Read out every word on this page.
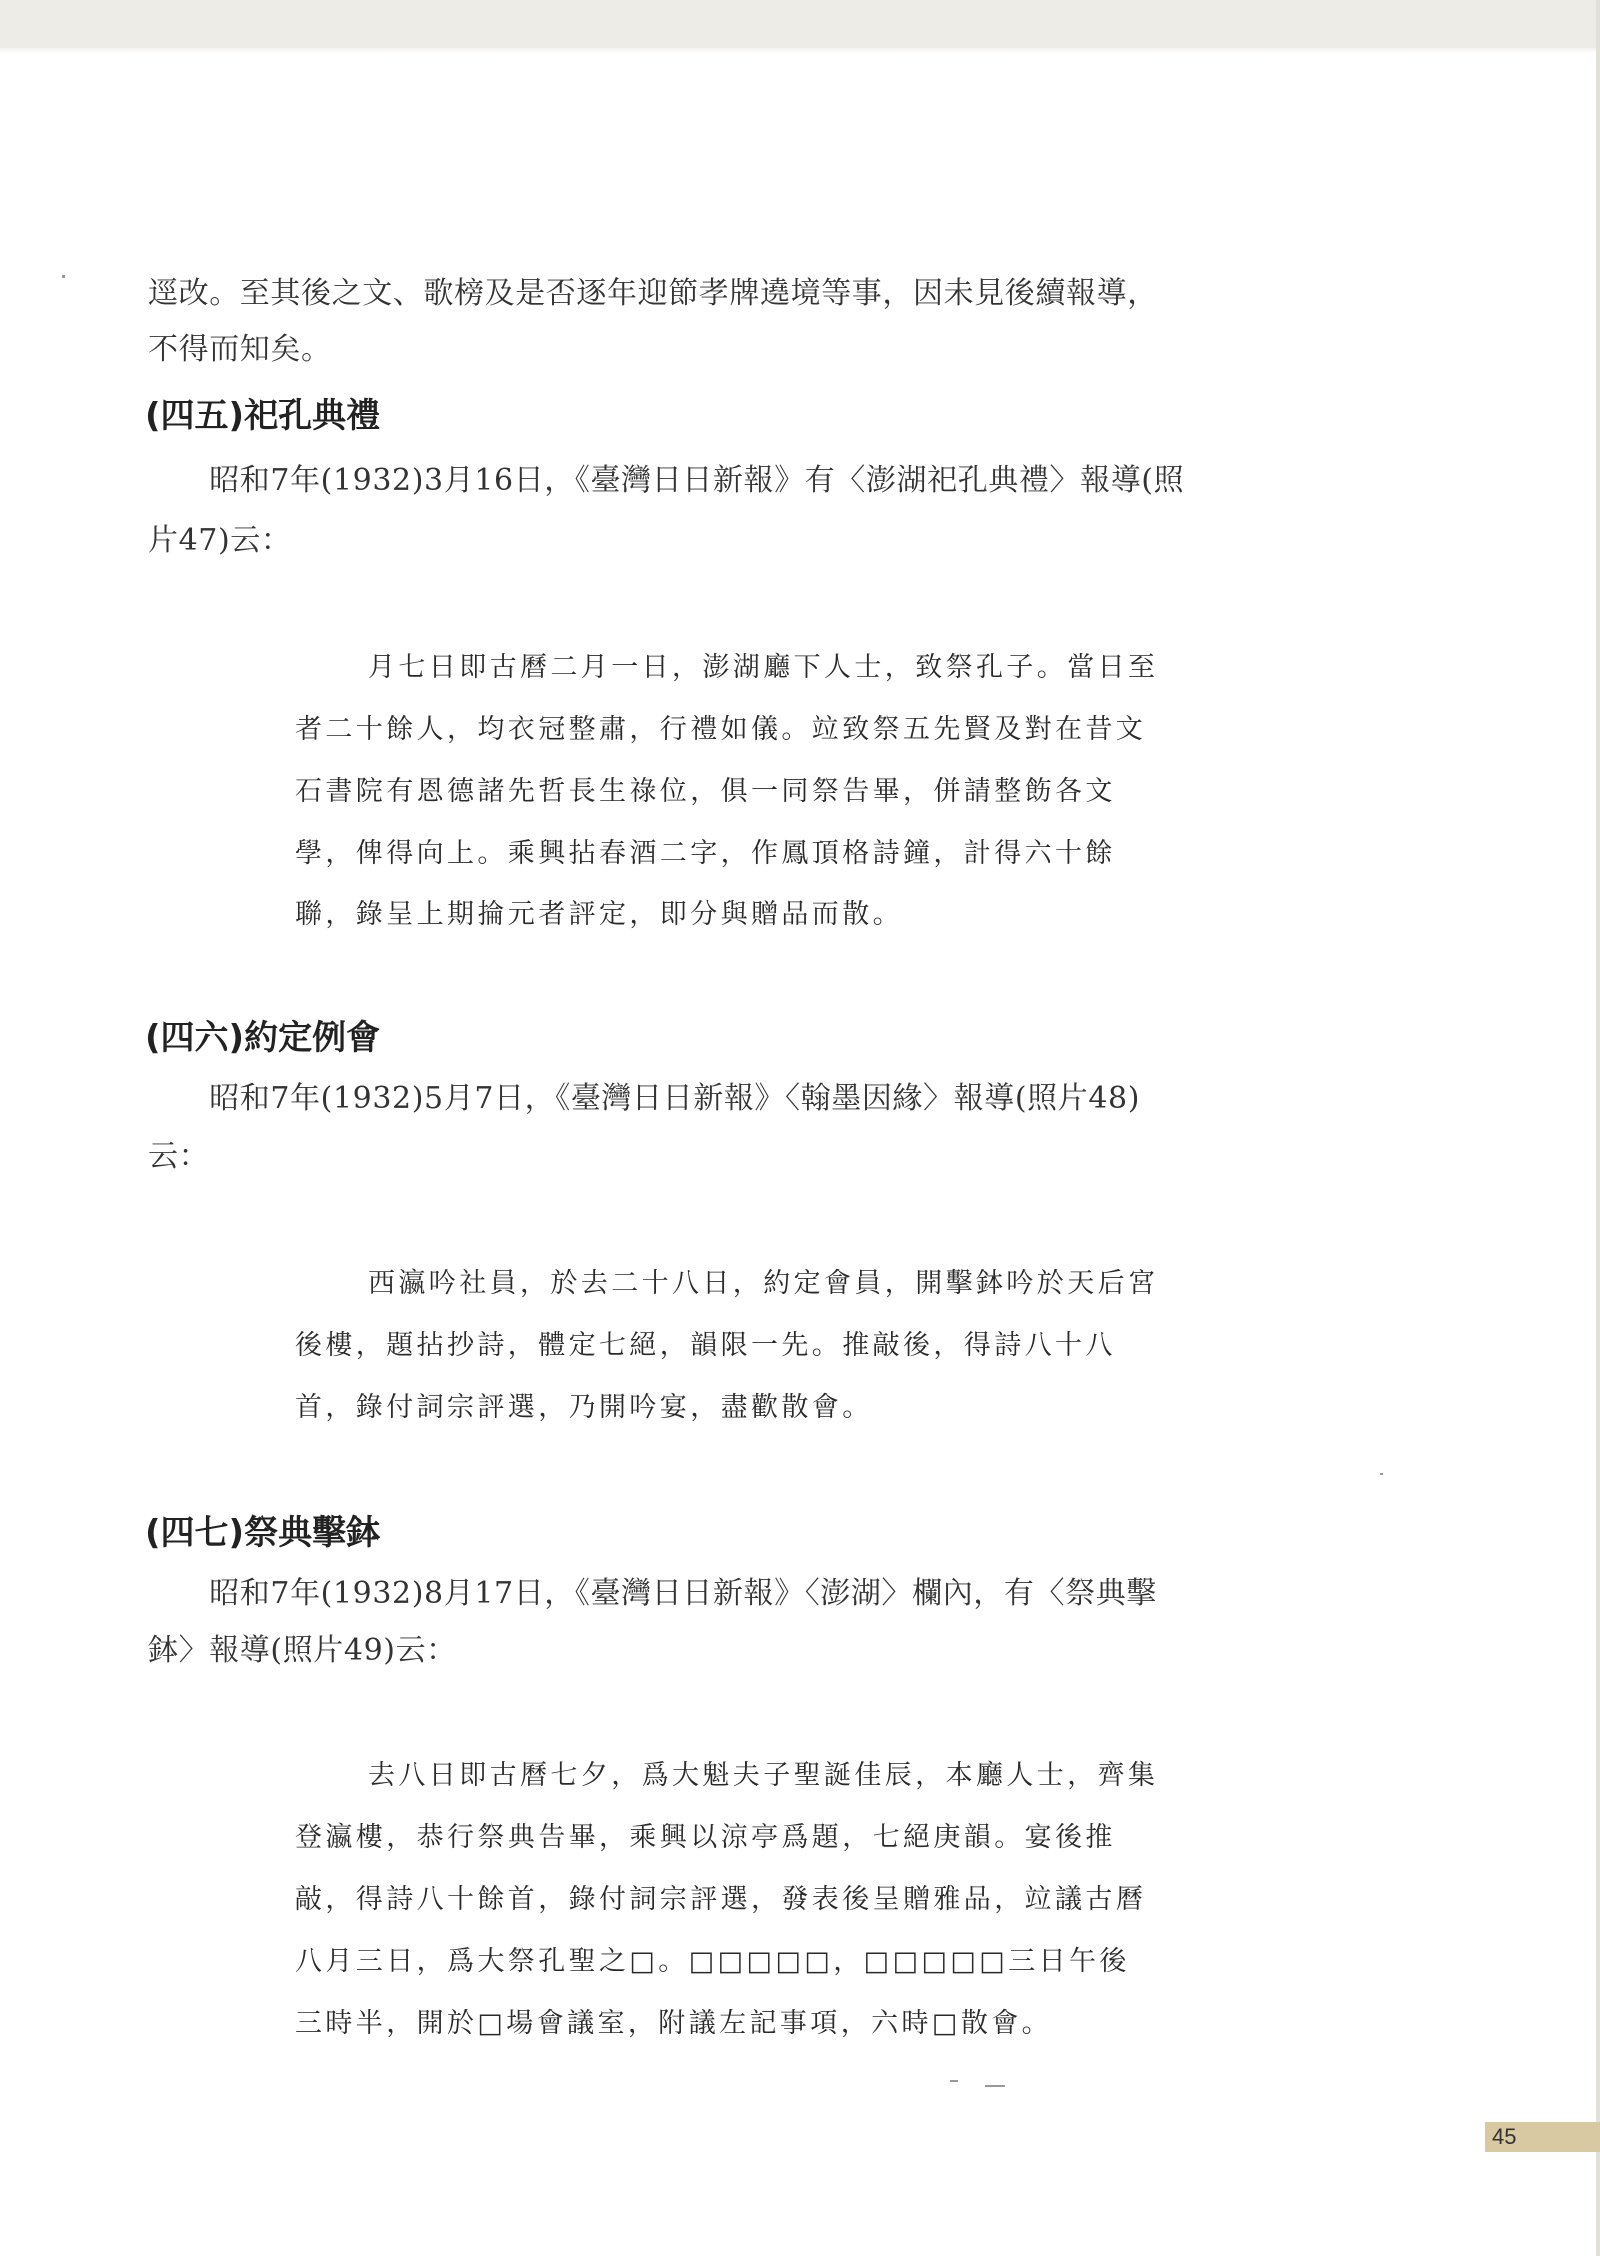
逕改。至其後之文、歌榜及是否逐年迎節孝牌遶境等事，因未見後續報導，
不得而知矣。
(四五)祀孔典禮
　　昭和7年(1932)3月16日，《臺灣日日新報》有〈澎湖祀孔典禮〉報導(照
片47)云：
月七日即古曆二月一日，澎湖廳下人士，致祭孔子。當日至
者二十餘人，均衣冠整肅，行禮如儀。竝致祭五先賢及對在昔文
石書院有恩德諸先哲長生祿位，俱一同祭告畢，併請整飭各文
學，俾得向上。乘興拈春酒二字，作鳳頂格詩鐘，計得六十餘
聯，錄呈上期掄元者評定，即分與贈品而散。
(四六)約定例會
　　昭和7年(1932)5月7日，《臺灣日日新報》〈翰墨因緣〉報導(照片48)
云：
西瀛吟社員，於去二十八日，約定會員，開擊鉢吟於天后宮
後樓，題拈抄詩，體定七絕，韻限一先。推敲後，得詩八十八
首，錄付詞宗評選，乃開吟宴，盡歡散會。
(四七)祭典擊鉢
　　昭和7年(1932)8月17日，《臺灣日日新報》〈澎湖〉欄內，有〈祭典擊
鉢〉報導(照片49)云：
去八日即古曆七夕，爲大魁夫子聖誕佳辰，本廳人士，齊集
登瀛樓，恭行祭典告畢，乘興以涼亭爲題，七絕庚韻。宴後推
敲，得詩八十餘首，錄付詞宗評選，發表後呈贈雅品，竝議古曆
八月三日，爲大祭孔聖之□。□□□□□，□□□□□三日午後
三時半，開於□場會議室，附議左記事項，六時□散會。
45
